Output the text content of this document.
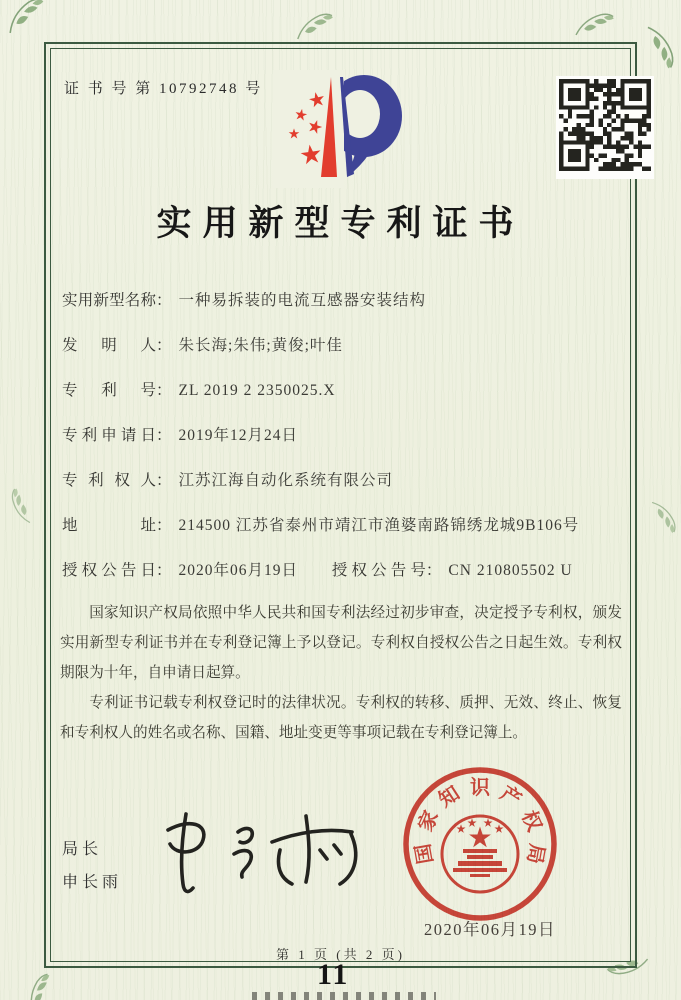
证 书 号 第 10792748 号
实用新型专利证书
实用新型名称： 一种易拆装的电流互感器安装结构
发明人： 朱长海;朱伟;黄俊;叶佳
专利号： ZL 2019 2 2350025.X
专利申请日： 2019年12月24日
专利权人： 江苏江海自动化系统有限公司
地址： 214500 江苏省泰州市靖江市渔婆南路锦绣龙城9B106号
授权公告日： 2020年06月19日 授权公告号： CN 210805502 U

国家知识产权局依照中华人民共和国专利法经过初步审查，决定授予专利权，颁发实用新型专利证书并在专利登记簿上予以登记。专利权自授权公告之日起生效。专利权期限为十年，自申请日起算。

专利证书记载专利权登记时的法律状况。专利权的转移、质押、无效、终止、恢复和专利权人的姓名或名称、国籍、地址变更等事项记载在专利登记簿上。

局长
申长雨
国
家
知 识 产
权
局
2020年06月19日
第 1 页 (共 2 页)
11
